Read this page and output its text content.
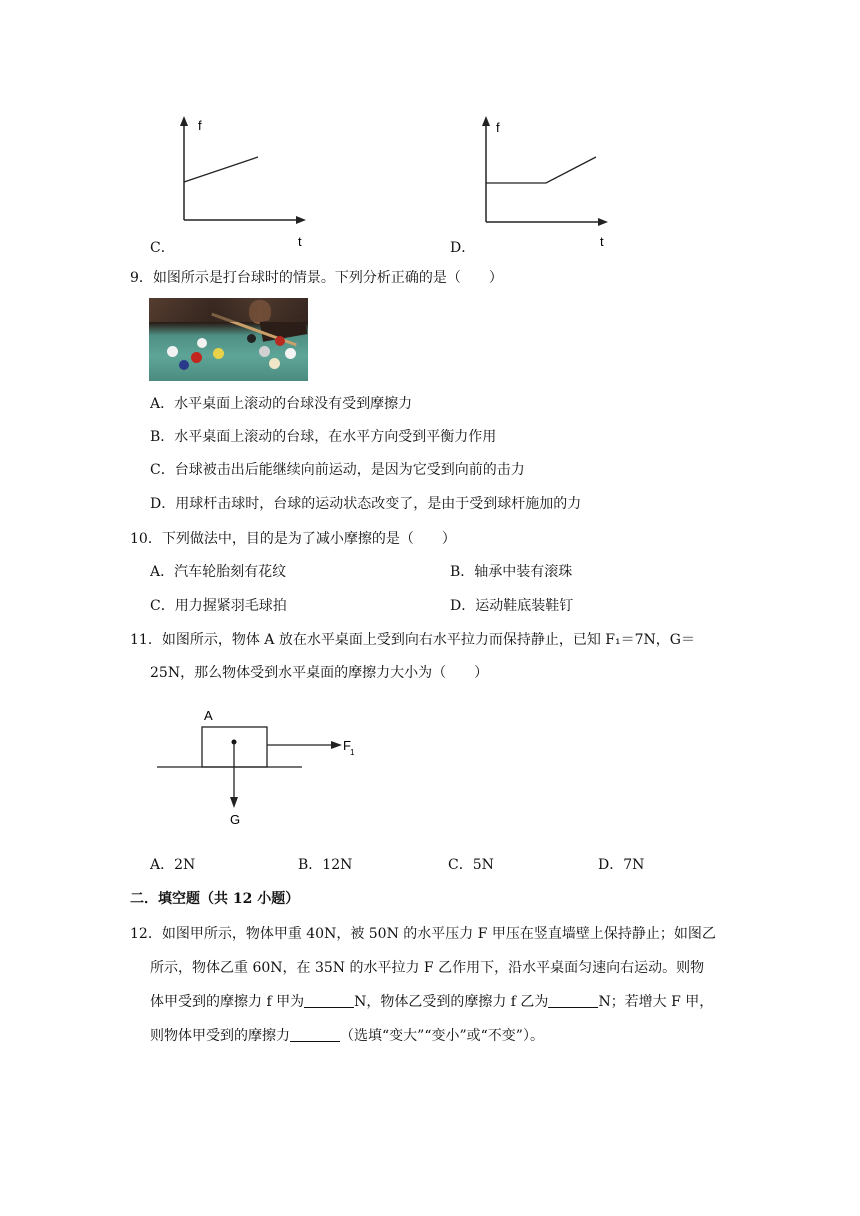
f
t
C．
f
t
D．
9．如图所示是打台球时的情景。下列分析正确的是（　　）
A．水平桌面上滚动的台球没有受到摩擦力
B．水平桌面上滚动的台球，在水平方向受到平衡力作用
C．台球被击出后能继续向前运动，是因为它受到向前的击力
D．用球杆击球时，台球的运动状态改变了，是由于受到球杆施加的力
10．下列做法中，目的是为了减小摩擦的是（　　）
A．汽车轮胎刻有花纹	B．轴承中装有滚珠
C．用力握紧羽毛球拍	D．运动鞋底装鞋钉
11．如图所示，物体 A 放在水平桌面上受到向右水平拉力而保持静止，已知 F₁＝7N，G＝
25N，那么物体受到水平桌面的摩擦力大小为（　　）
A
F 1
G
A．2N	B．12N	C．5N	D．7N
二．填空题（共 12 小题）
12．如图甲所示，物体甲重 40N，被 50N 的水平压力 F 甲压在竖直墙壁上保持静止；如图乙
所示，物体乙重 60N，在 35N 的水平拉力 F 乙作用下，沿水平桌面匀速向右运动。则物
体甲受到的摩擦力 f 甲为	N，物体乙受到的摩擦力 f 乙为	N；若增大 F 甲，
则物体甲受到的摩擦力	（选填“变大”“变小”或“不变”）。
